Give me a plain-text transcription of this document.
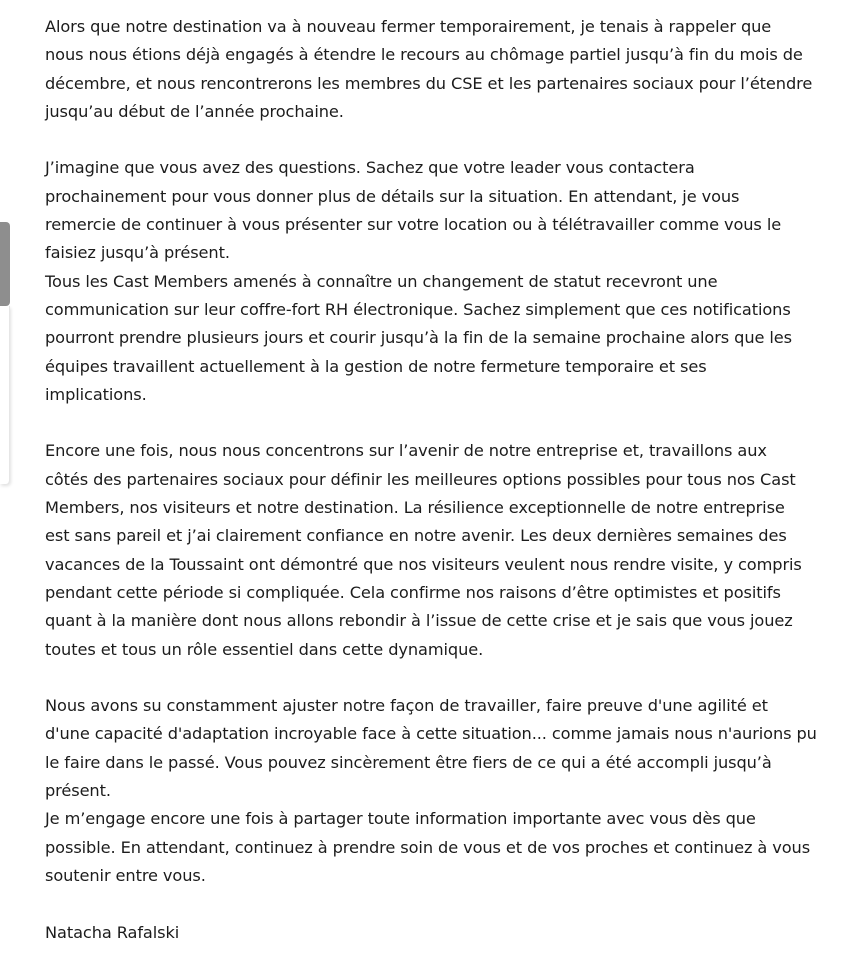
Alors que notre destination va à nouveau fermer temporairement, je tenais à rappeler que
nous nous étions déjà engagés à étendre le recours au chômage partiel jusqu’à fin du mois de
décembre, et nous rencontrerons les membres du CSE et les partenaires sociaux pour l’étendre
jusqu’au début de l’année prochaine.
J’imagine que vous avez des questions. Sachez que votre leader vous contactera
prochainement pour vous donner plus de détails sur la situation. En attendant, je vous
remercie de continuer à vous présenter sur votre location ou à télétravailler comme vous le
faisiez jusqu’à présent.
Tous les Cast Members amenés à connaître un changement de statut recevront une
communication sur leur coffre-fort RH électronique. Sachez simplement que ces notifications
pourront prendre plusieurs jours et courir jusqu’à la fin de la semaine prochaine alors que les
équipes travaillent actuellement à la gestion de notre fermeture temporaire et ses
implications.
Encore une fois, nous nous concentrons sur l’avenir de notre entreprise et, travaillons aux
côtés des partenaires sociaux pour définir les meilleures options possibles pour tous nos Cast
Members, nos visiteurs et notre destination. La résilience exceptionnelle de notre entreprise
est sans pareil et j’ai clairement confiance en notre avenir. Les deux dernières semaines des
vacances de la Toussaint ont démontré que nos visiteurs veulent nous rendre visite, y compris
pendant cette période si compliquée. Cela confirme nos raisons d’être optimistes et positifs
quant à la manière dont nous allons rebondir à l’issue de cette crise et je sais que vous jouez
toutes et tous un rôle essentiel dans cette dynamique.
Nous avons su constamment ajuster notre façon de travailler, faire preuve d'une agilité et
d'une capacité d'adaptation incroyable face à cette situation... comme jamais nous n'aurions pu
le faire dans le passé. Vous pouvez sincèrement être fiers de ce qui a été accompli jusqu’à
présent.
Je m’engage encore une fois à partager toute information importante avec vous dès que
possible. En attendant, continuez à prendre soin de vous et de vos proches et continuez à vous
soutenir entre vous.
Natacha Rafalski
